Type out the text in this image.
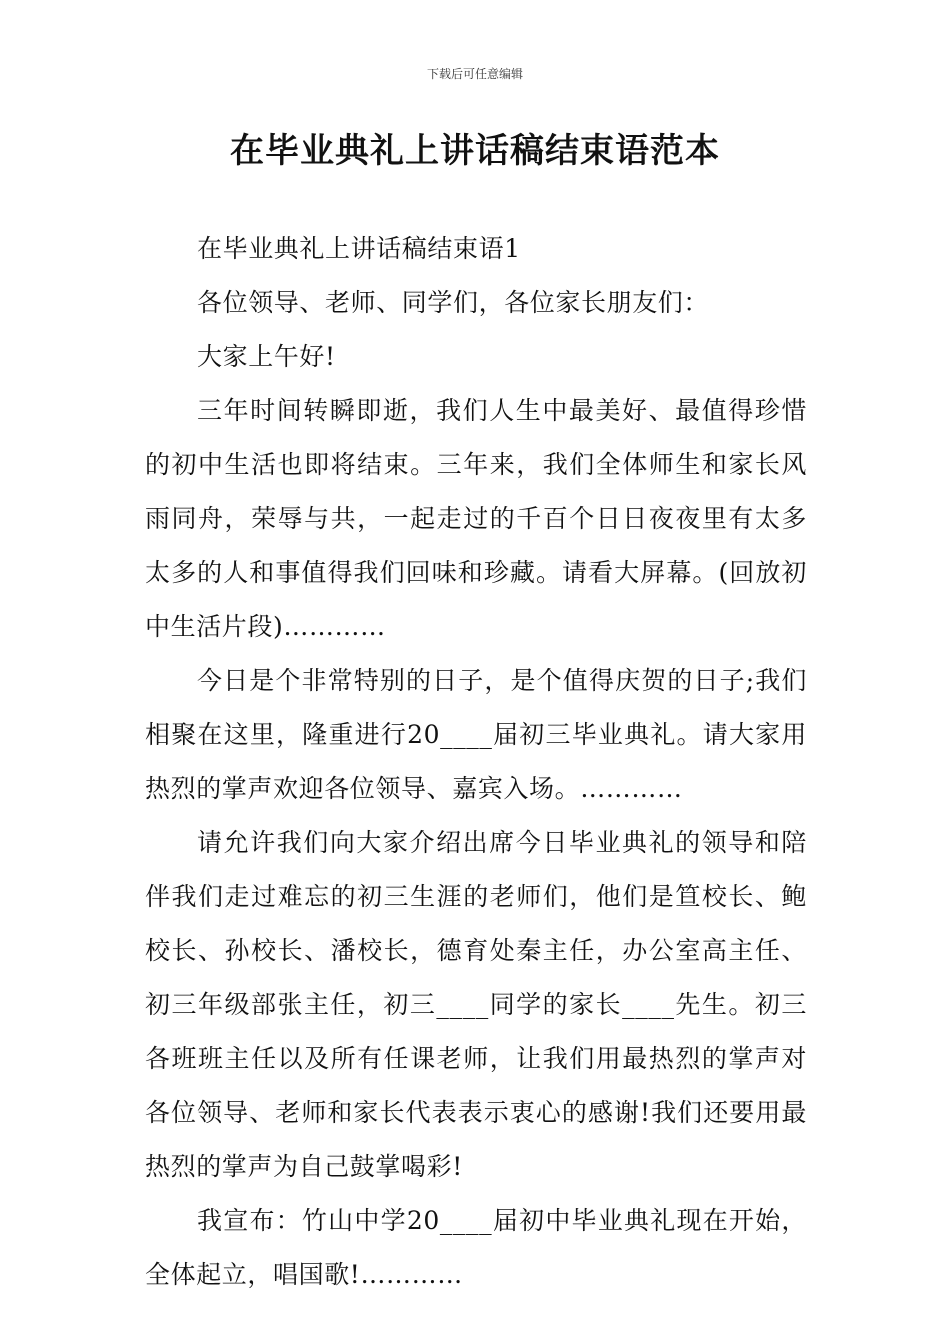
下载后可任意编辑
在毕业典礼上讲话稿结束语范本

在毕业典礼上讲话稿结束语1

各位领导、老师、同学们，各位家长朋友们：

大家上午好!

三年时间转瞬即逝，我们人生中最美好、最值得珍惜的初中生活也即将结束。三年来，我们全体师生和家长风雨同舟，荣辱与共，一起走过的千百个日日夜夜里有太多太多的人和事值得我们回味和珍藏。请看大屏幕。(回放初中生活片段)…………

今日是个非常特别的日子，是个值得庆贺的日子;我们相聚在这里，隆重进行20____届初三毕业典礼。请大家用热烈的掌声欢迎各位领导、嘉宾入场。…………

请允许我们向大家介绍出席今日毕业典礼的领导和陪伴我们走过难忘的初三生涯的老师们，他们是笪校长、鲍校长、孙校长、潘校长，德育处秦主任，办公室高主任、初三年级部张主任，初三____同学的家长____先生。初三各班班主任以及所有任课老师，让我们用最热烈的掌声对各位领导、老师和家长代表表示衷心的感谢!我们还要用最热烈的掌声为自己鼓掌喝彩!

我宣布：竹山中学20____届初中毕业典礼现在开始，全体起立，唱国歌!…………
